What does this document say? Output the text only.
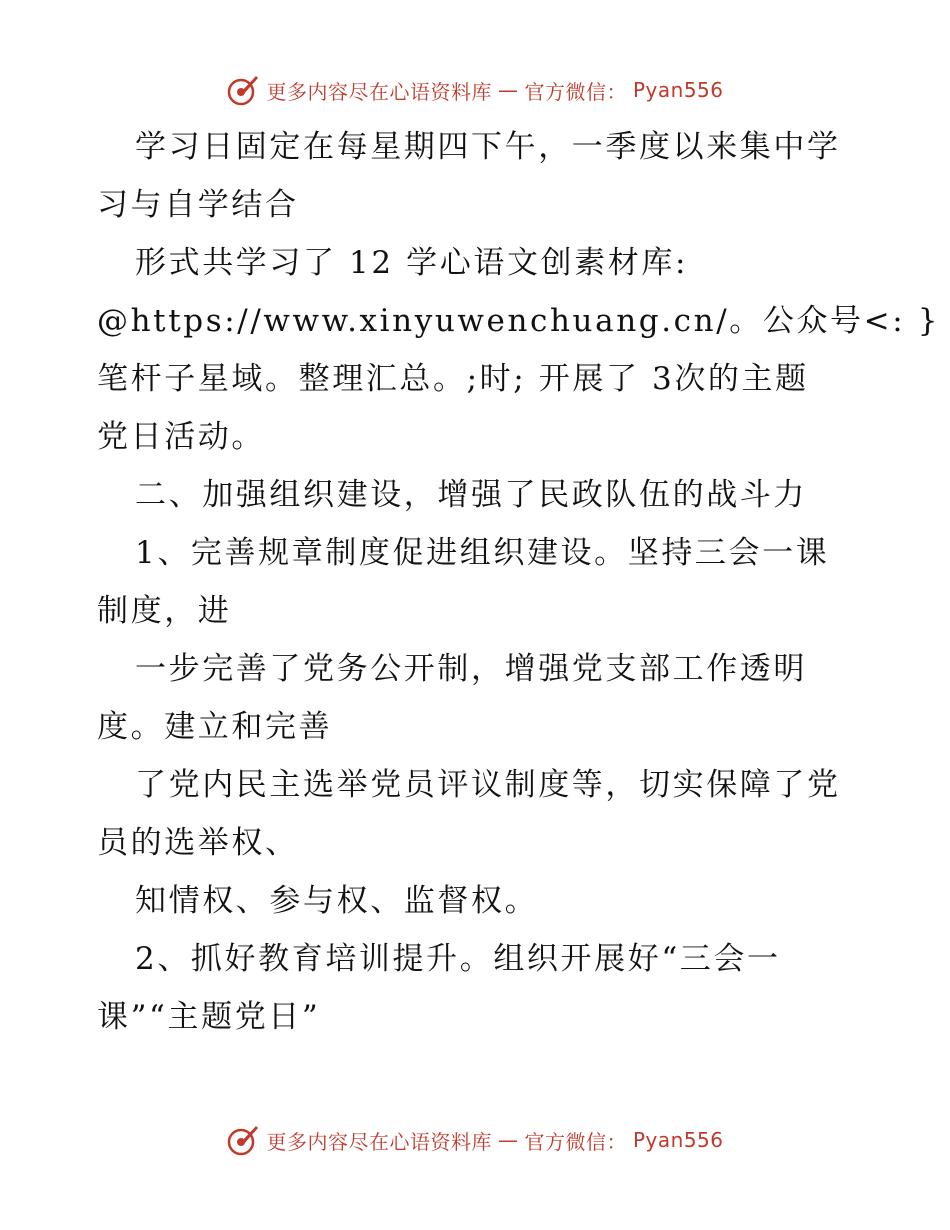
更多内容尽在心语资料库 — 官方微信： Pyan556
学习日固定在每星期四下午，一季度以来集中学
习与自学结合
形式共学习了 12 学心语文创素材库:
@https://www.xinyuwenchuang.cn/。公众号<: }
笔杆子星域。整理汇总。;时; 开展了 3次的主题
党日活动。
二、加强组织建设，增强了民政队伍的战斗力
1、完善规章制度促进组织建设。坚持三会一课
制度，进
一步完善了党务公开制，增强党支部工作透明
度。建立和完善
了党内民主选举党员评议制度等，切实保障了党
员的选举权、
知情权、参与权、监督权。
2、抓好教育培训提升。组织开展好“三会一
课”“主题党日”
更多内容尽在心语资料库 — 官方微信： Pyan556
